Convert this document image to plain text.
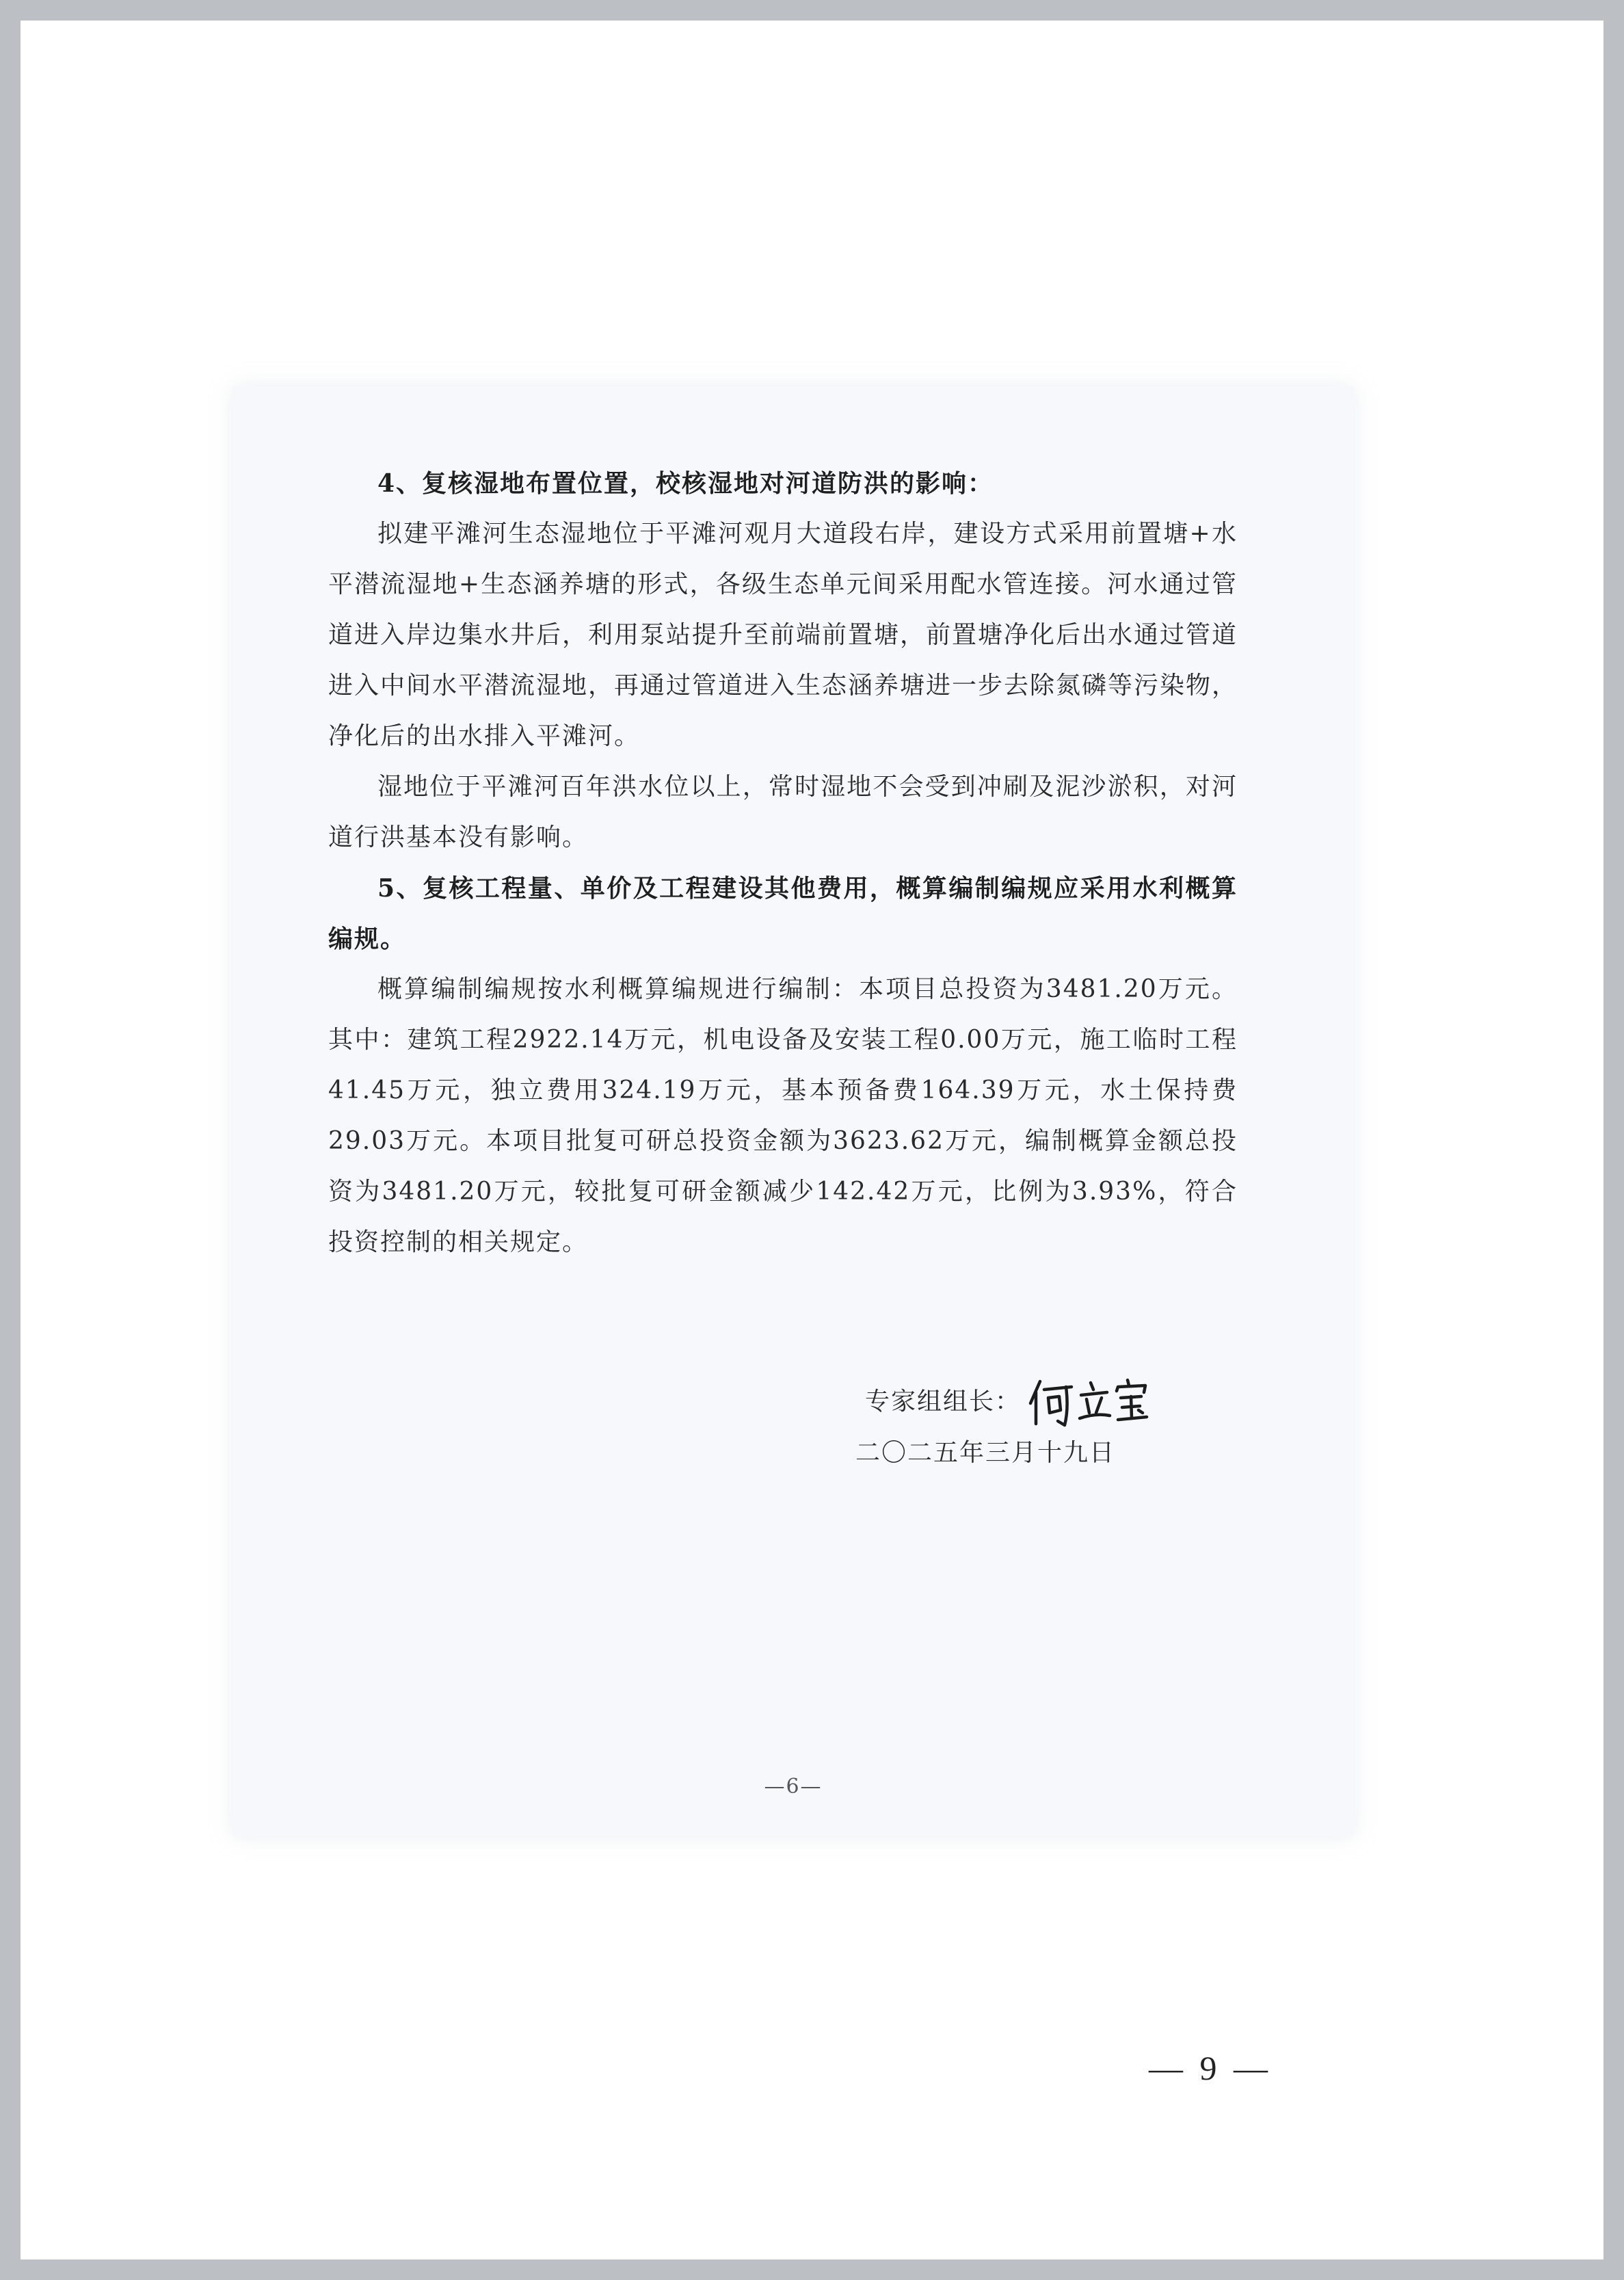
4、复核湿地布置位置，校核湿地对河道防洪的影响：

拟建平滩河生态湿地位于平滩河观月大道段右岸，建设方式采用前置塘+水平潜流湿地+生态涵养塘的形式，各级生态单元间采用配水管连接。河水通过管道进入岸边集水井后，利用泵站提升至前端前置塘，前置塘净化后出水通过管道进入中间水平潜流湿地，再通过管道进入生态涵养塘进一步去除氮磷等污染物，净化后的出水排入平滩河。

湿地位于平滩河百年洪水位以上，常时湿地不会受到冲刷及泥沙淤积，对河道行洪基本没有影响。

5、复核工程量、单价及工程建设其他费用，概算编制编规应采用水利概算编规。

概算编制编规按水利概算编规进行编制：本项目总投资为3481.20万元。其中：建筑工程2922.14万元，机电设备及安装工程0.00万元，施工临时工程41.45万元，独立费用324.19万元，基本预备费164.39万元，水土保持费29.03万元。本项目批复可研总投资金额为3623.62万元，编制概算金额总投资为3481.20万元，较批复可研金额减少142.42万元，比例为3.93%，符合投资控制的相关规定。

专家组组长：
二〇二五年三月十九日
—6—
— 9 —
